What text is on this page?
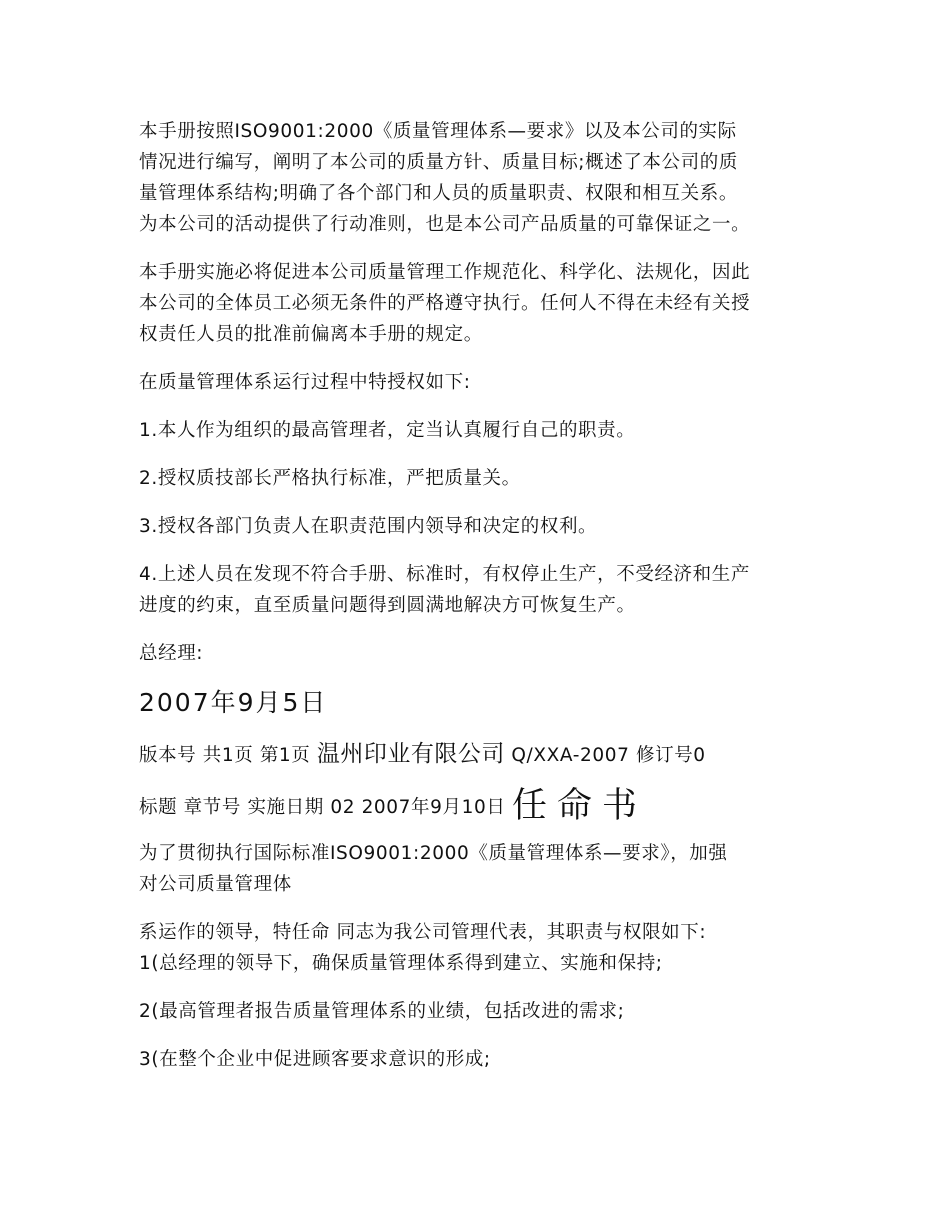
本手册按照ISO9001:2000《质量管理体系—要求》以及本公司的实际
情况进行编写，阐明了本公司的质量方针、质量目标;概述了本公司的质
量管理体系结构;明确了各个部门和人员的质量职责、权限和相互关系。
为本公司的活动提供了行动准则，也是本公司产品质量的可靠保证之一。

本手册实施必将促进本公司质量管理工作规范化、科学化、法规化，因此
本公司的全体员工必须无条件的严格遵守执行。任何人不得在未经有关授
权责任人员的批准前偏离本手册的规定。

在质量管理体系运行过程中特授权如下:

1.本人作为组织的最高管理者，定当认真履行自己的职责。

2.授权质技部长严格执行标准，严把质量关。

3.授权各部门负责人在职责范围内领导和决定的权利。

4.上述人员在发现不符合手册、标准时，有权停止生产，不受经济和生产
进度的约束，直至质量问题得到圆满地解决方可恢复生产。

总经理:

2007年9月5日
版本号 共1页 第1页 温州印业有限公司 Q/XXA-2007 修订号0
标题 章节号 实施日期 02 2007年9月10日 任命书

为了贯彻执行国际标准ISO9001:2000《质量管理体系—要求》，加强
对公司质量管理体

系运作的领导，特任命 同志为我公司管理代表，其职责与权限如下:

1(总经理的领导下，确保质量管理体系得到建立、实施和保持;

2(最高管理者报告质量管理体系的业绩，包括改进的需求;

3(在整个企业中促进顾客要求意识的形成;
